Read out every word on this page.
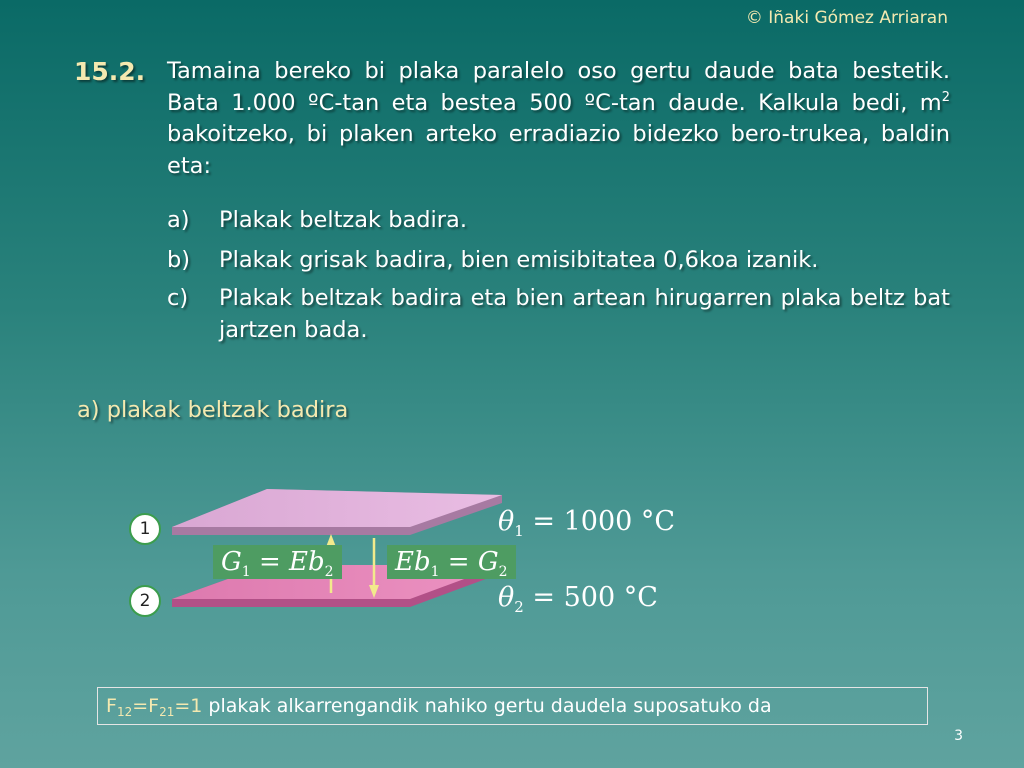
© Iñaki Gómez Arriaran
15.2. Tamaina bereko bi plaka paralelo oso gertu daude bata bestetik. Bata 1.000 ºC-tan eta bestea 500 ºC-tan daude. Kalkula bedi, $m^2$ bakoitzeko, bi plaken arteko erradiazio bidezko bero-trukea, baldin eta:
a) Plakak beltzak badira.
b) Plakak grisak badira, bien emisibitatea 0,6koa izanik.
c) Plakak beltzak badira eta bien artean hirugarren plaka beltz bat jartzen bada.
a) plakak beltzak badira
1
2
$\theta_1 = 1000$ °C
$\theta_2 = 500$ °C
$G_1 = Eb_2$	$Eb_1 = G_2$
$F_{12}=F_{21}=1$ plakak alkarrengandik nahiko gertu daudela suposatuko da
3
